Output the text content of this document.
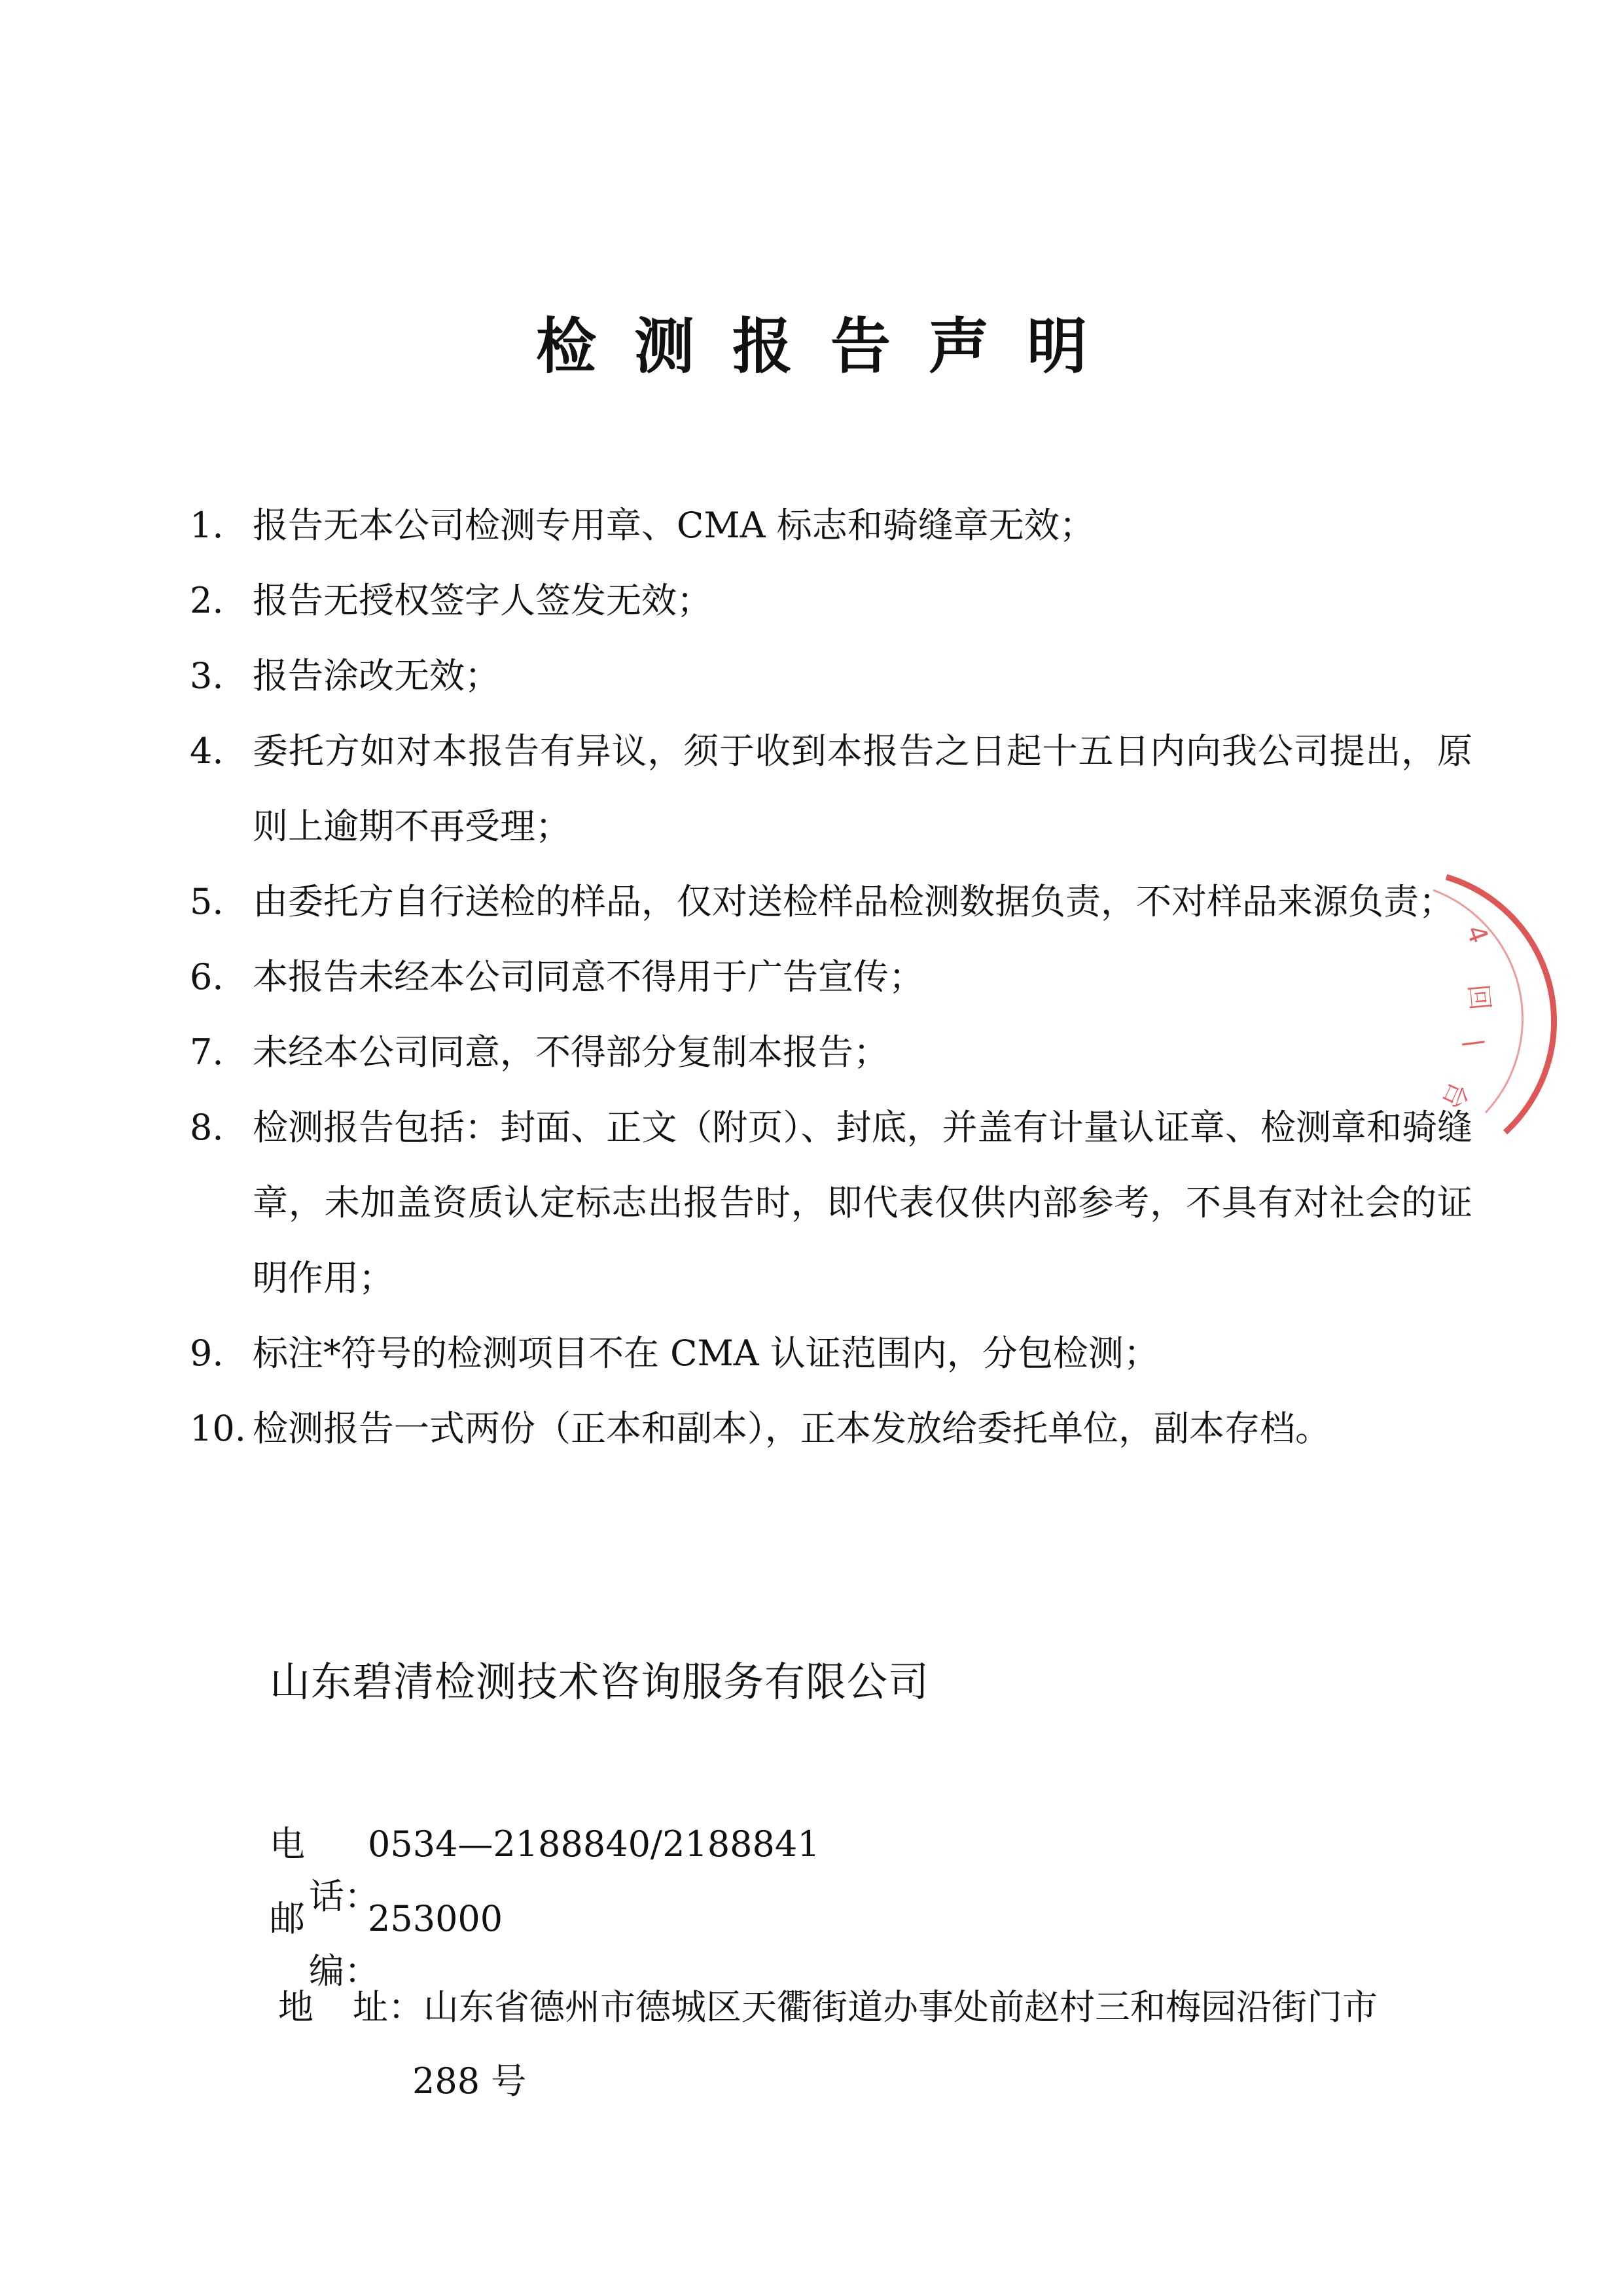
检测报告声明
1. 报告无本公司检测专用章、CMA 标志和骑缝章无效；
2. 报告无授权签字人签发无效；
3. 报告涂改无效；
4. 委托方如对本报告有异议，须于收到本报告之日起十五日内向我公司提出，原则上逾期不再受理；
5. 由委托方自行送检的样品，仅对送检样品检测数据负责，不对样品来源负责；
6. 本报告未经本公司同意不得用于广告宣传；
7. 未经本公司同意，不得部分复制本报告；
8. 检测报告包括：封面、正文（附页）、封底，并盖有计量认证章、检测章和骑缝章，未加盖资质认定标志出报告时，即代表仅供内部参考，不具有对社会的证明作用；
9. 标注*符号的检测项目不在 CMA 认证范围内，分包检测；
10. 检测报告一式两份（正本和副本），正本发放给委托单位，副本存档。
山东碧清检测技术咨询服务有限公司
电话：
0534—2188840/2188841
邮编：
253000
地 址：山东省德州市德城区天衢街道办事处前赵村三和梅园沿街门市
288 号
4
回
\
台
